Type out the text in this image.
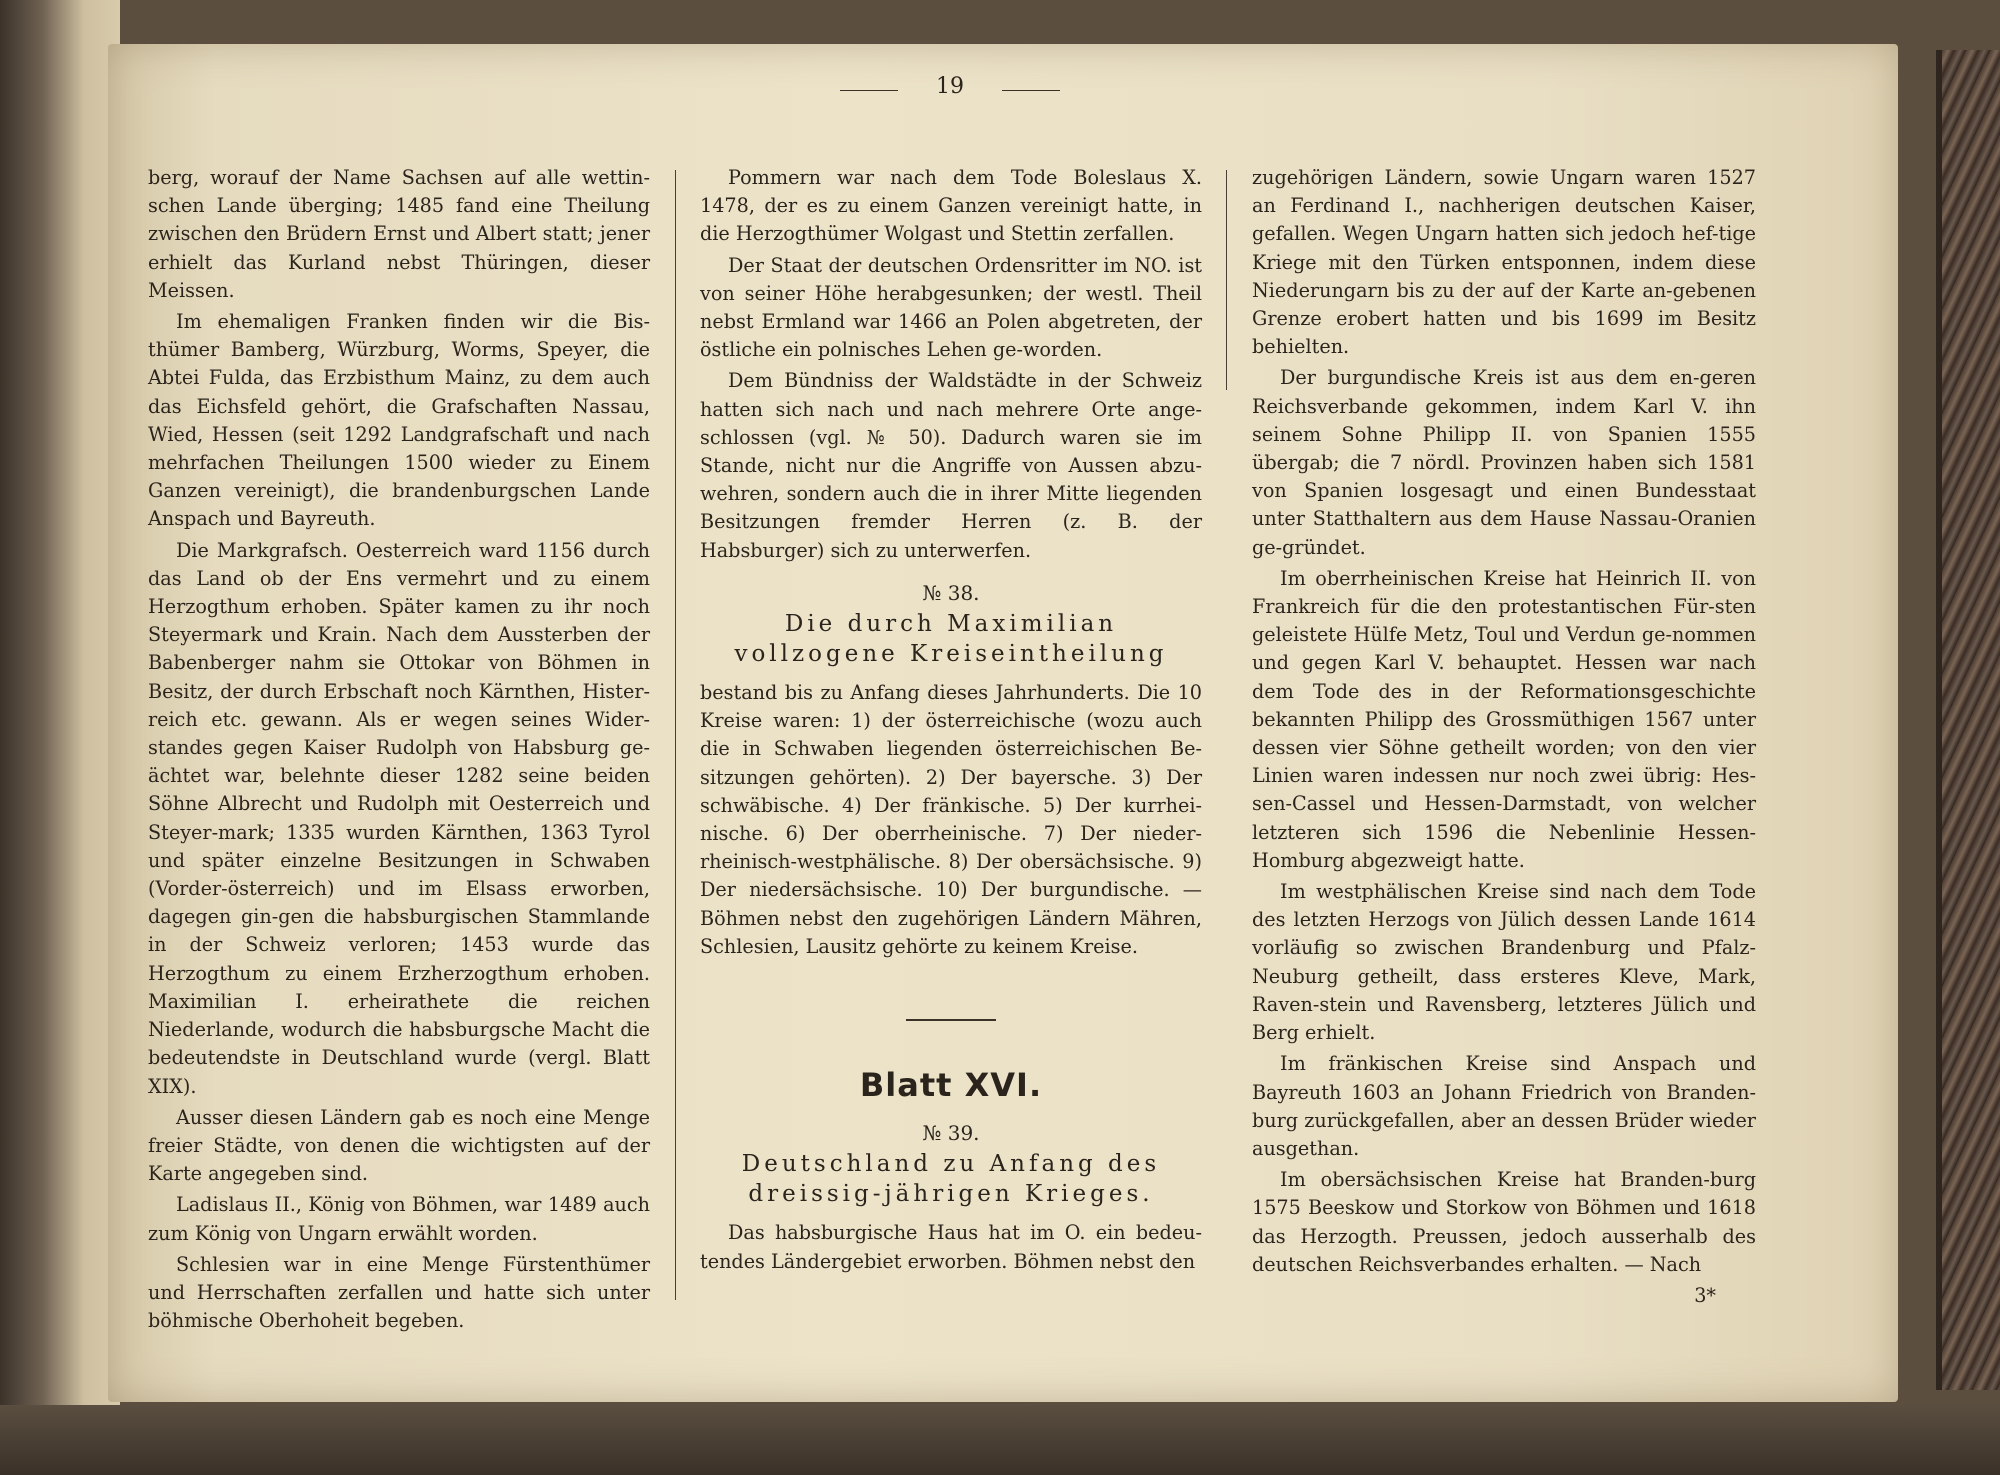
19

berg, worauf der Name Sachsen auf alle wettin-schen Lande überging; 1485 fand eine Theilung zwischen den Brüdern Ernst und Albert statt; jener erhielt das Kurland nebst Thüringen, dieser Meissen.

Im ehemaligen Franken finden wir die Bis-thümer Bamberg, Würzburg, Worms, Speyer, die Abtei Fulda, das Erzbisthum Mainz, zu dem auch das Eichsfeld gehört, die Grafschaften Nassau, Wied, Hessen (seit 1292 Landgrafschaft und nach mehrfachen Theilungen 1500 wieder zu Einem Ganzen vereinigt), die brandenburgschen Lande Anspach und Bayreuth.

Die Markgrafsch. Oesterreich ward 1156 durch das Land ob der Ens vermehrt und zu einem Herzogthum erhoben. Später kamen zu ihr noch Steyermark und Krain. Nach dem Aussterben der Babenberger nahm sie Ottokar von Böhmen in Besitz, der durch Erbschaft noch Kärnthen, Hister-reich etc. gewann. Als er wegen seines Wider-standes gegen Kaiser Rudolph von Habsburg ge-ächtet war, belehnte dieser 1282 seine beiden Söhne Albrecht und Rudolph mit Oesterreich und Steyer-mark; 1335 wurden Kärnthen, 1363 Tyrol und später einzelne Besitzungen in Schwaben (Vorder-österreich) und im Elsass erworben, dagegen gin-gen die habsburgischen Stammlande in der Schweiz verloren; 1453 wurde das Herzogthum zu einem Erzherzogthum erhoben. Maximilian I. erheirathete die reichen Niederlande, wodurch die habsburgsche Macht die bedeutendste in Deutschland wurde (vergl. Blatt XIX).

Ausser diesen Ländern gab es noch eine Menge freier Städte, von denen die wichtigsten auf der Karte angegeben sind.

Ladislaus II., König von Böhmen, war 1489 auch zum König von Ungarn erwählt worden.

Schlesien war in eine Menge Fürstenthümer und Herrschaften zerfallen und hatte sich unter böhmische Oberhoheit begeben.

Pommern war nach dem Tode Boleslaus X. 1478, der es zu einem Ganzen vereinigt hatte, in die Herzogthümer Wolgast und Stettin zerfallen.

Der Staat der deutschen Ordensritter im NO. ist von seiner Höhe herabgesunken; der westl. Theil nebst Ermland war 1466 an Polen abgetreten, der östliche ein polnisches Lehen ge-worden.

Dem Bündniss der Waldstädte in der Schweiz hatten sich nach und nach mehrere Orte ange-schlossen (vgl. № 50). Dadurch waren sie im Stande, nicht nur die Angriffe von Aussen abzu-wehren, sondern auch die in ihrer Mitte liegenden Besitzungen fremder Herren (z. B. der Habsburger) sich zu unterwerfen.

№ 38.
Die durch Maximilian vollzogene Kreiseintheilung

bestand bis zu Anfang dieses Jahrhunderts. Die 10 Kreise waren: 1) der österreichische (wozu auch die in Schwaben liegenden österreichischen Be-sitzungen gehörten). 2) Der bayersche. 3) Der schwäbische. 4) Der fränkische. 5) Der kurrhei-nische. 6) Der oberrheinische. 7) Der nieder-rheinisch-westphälische. 8) Der obersächsische. 9) Der niedersächsische. 10) Der burgundische. — Böhmen nebst den zugehörigen Ländern Mähren, Schlesien, Lausitz gehörte zu keinem Kreise.

Blatt XVI.
№ 39.
Deutschland zu Anfang des dreissig-jährigen Krieges.

Das habsburgische Haus hat im O. ein bedeu-tendes Ländergebiet erworben. Böhmen nebst den

zugehörigen Ländern, sowie Ungarn waren 1527 an Ferdinand I., nachherigen deutschen Kaiser, gefallen. Wegen Ungarn hatten sich jedoch hef-tige Kriege mit den Türken entsponnen, indem diese Niederungarn bis zu der auf der Karte an-gebenen Grenze erobert hatten und bis 1699 im Besitz behielten.

Der burgundische Kreis ist aus dem en-geren Reichsverbande gekommen, indem Karl V. ihn seinem Sohne Philipp II. von Spanien 1555 übergab; die 7 nördl. Provinzen haben sich 1581 von Spanien losgesagt und einen Bundesstaat unter Statthaltern aus dem Hause Nassau-Oranien ge-gründet.

Im oberrheinischen Kreise hat Heinrich II. von Frankreich für die den protestantischen Für-sten geleistete Hülfe Metz, Toul und Verdun ge-nommen und gegen Karl V. behauptet. Hessen war nach dem Tode des in der Reformationsgeschichte bekannten Philipp des Grossmüthigen 1567 unter dessen vier Söhne getheilt worden; von den vier Linien waren indessen nur noch zwei übrig: Hes-sen-Cassel und Hessen-Darmstadt, von welcher letzteren sich 1596 die Nebenlinie Hessen-Homburg abgezweigt hatte.

Im westphälischen Kreise sind nach dem Tode des letzten Herzogs von Jülich dessen Lande 1614 vorläufig so zwischen Brandenburg und Pfalz-Neuburg getheilt, dass ersteres Kleve, Mark, Raven-stein und Ravensberg, letzteres Jülich und Berg erhielt.

Im fränkischen Kreise sind Anspach und Bayreuth 1603 an Johann Friedrich von Branden-burg zurückgefallen, aber an dessen Brüder wieder ausgethan.

Im obersächsischen Kreise hat Branden-burg 1575 Beeskow und Storkow von Böhmen und 1618 das Herzogth. Preussen, jedoch ausserhalb des deutschen Reichsverbandes erhalten. — Nach

3*
